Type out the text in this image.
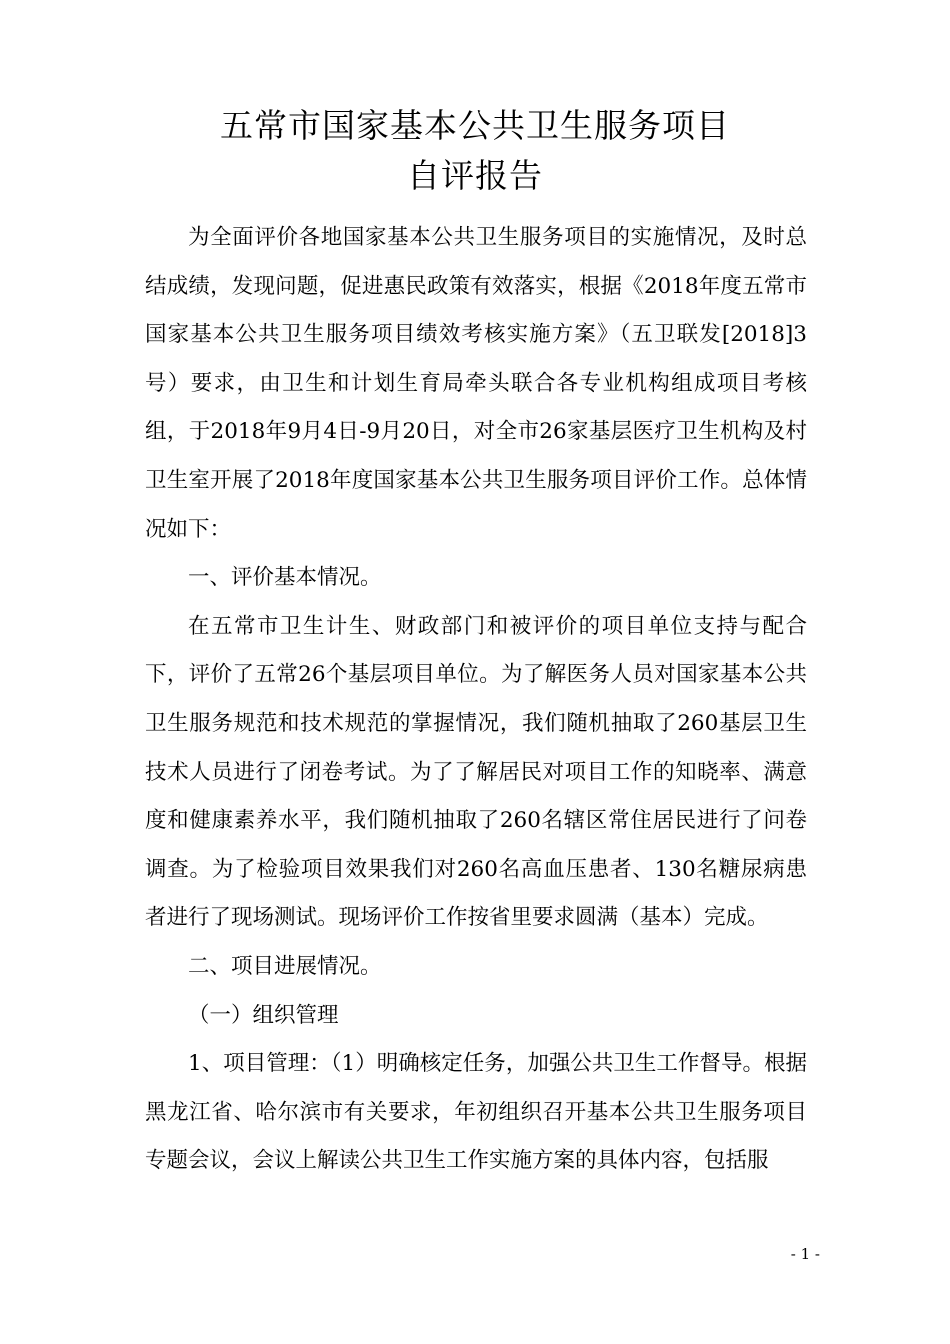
五常市国家基本公共卫生服务项目
自评报告

为全面评价各地国家基本公共卫生服务项目的实施情况，及时总结成绩，发现问题，促进惠民政策有效落实，根据《2018年度五常市国家基本公共卫生服务项目绩效考核实施方案》（五卫联发[2018]3号）要求，由卫生和计划生育局牵头联合各专业机构组成项目考核组，于2018年9月4日-9月20日，对全市26家基层医疗卫生机构及村卫生室开展了2018年度国家基本公共卫生服务项目评价工作。总体情况如下：

一、评价基本情况。

在五常市卫生计生、财政部门和被评价的项目单位支持与配合下，评价了五常26个基层项目单位。为了解医务人员对国家基本公共卫生服务规范和技术规范的掌握情况，我们随机抽取了260基层卫生技术人员进行了闭卷考试。为了了解居民对项目工作的知晓率、满意度和健康素养水平，我们随机抽取了260名辖区常住居民进行了问卷调查。为了检验项目效果我们对260名高血压患者、130名糖尿病患者进行了现场测试。现场评价工作按省里要求圆满（基本）完成。

二、项目进展情况。

（一）组织管理

1、项目管理：（1）明确核定任务，加强公共卫生工作督导。根据黑龙江省、哈尔滨市有关要求，年初组织召开基本公共卫生服务项目专题会议，会议上解读公共卫生工作实施方案的具体内容，包括服

- 1 -
